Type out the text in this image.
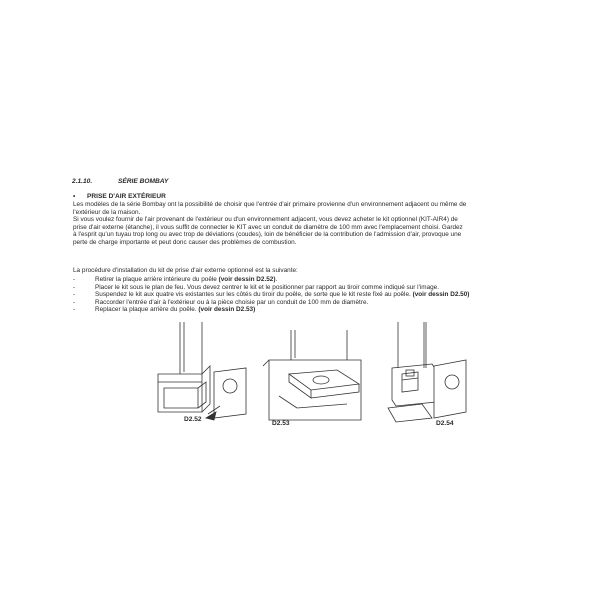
2.1.10.	SÉRIE BOMBAY
• PRISE D'AIR EXTÉRIEUR
Les modèles de la série Bombay ont la possibilité de choisir que l'entrée d'air primaire provienne d'un environnement adjacent ou même de
l'extérieur de la maison.
Si vous voulez fournir de l'air provenant de l'extérieur ou d'un environnement adjacent, vous devez acheter le kit optionnel (KIT-AIR4) de
prise d'air externe (étanche), il vous suffit de connecter le KIT avec un conduit de diamètre de 100 mm avec l'emplacement choisi. Gardez
à l'esprit qu'un tuyau trop long ou avec trop de déviations (coudes), loin de bénéficier de la contribution de l'admission d'air, provoque une
perte de charge importante et peut donc causer des problèmes de combustion.
La procédure d'installation du kit de prise d'air externe optionnel est la suivante:
-	Retirer la plaque arrière intérieure du poêle (voir dessin D2.52).
-	Placer le kit sous le plan de feu. Vous devez centrer le kit et le positionner par rapport au tiroir comme indiqué sur l'image.
-	Suspendez le kit aux quatre vis existantes sur les côtés du tiroir du poêle, de sorte que le kit reste fixé au poêle. (voir dessin D2.50)
-	Raccorder l'entrée d'air à l'extérieur ou à la pièce choisie par un conduit de 100 mm de diamètre.
-	Replacer la plaque arrière du poêle. (voir dessin D2.53)
D2.52
D2.53	D2.54
